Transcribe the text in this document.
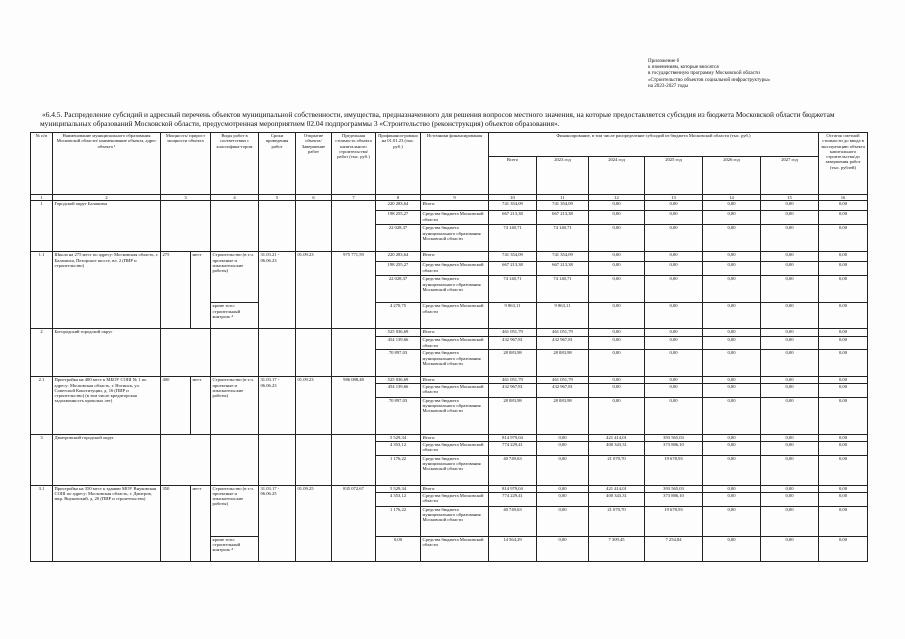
Приложение 6
к изменениям, которые вносятся
в государственную программу Московской области
«Строительство объектов социальной инфраструктуры»
на 2023-2027 годы
«6.4.5. Распределение субсидий и адресный перечень объектов муниципальной собственности, имущества, предназначенного для решения вопросов местного значения, на которые предоставляется субсидия из бюджета Московской области бюджетам муниципальных образований Московской области, предусмотренная мероприятием 02.04 подпрограммы 3 «Строительство (реконструкция) объектов образования».
№ п/п	Наименование муниципального образования Московской области/ наименование объекта, адрес объекта ¹	Мощность/ прирост мощности объекта		Виды работ в соответствии с классифика-тором	Сроки проведения работ	Открытие объекта/ Завершение работ	Предельная стоимость объекта капитального строительства/ работ (тыс. руб.)	Профинанси-ровано на 01.01.23 (тыс. руб.)	Источники финансирования	Финансирование, в том числе распределение субсидий из бюджета Московской области (тыс. руб.)						Остаток сметной стоимости до ввода в эксплуатацию объекта капитального строительства/до завершения работ (тыс. рублей)
										Всего	2023 год	2024 год	2025 год	2026 год	2027 год	
1	2	3		4	5	6	7	8	9	10	11	12	13	14	15	16
1	Городской округ Балашиха							220 283,64	Итого:	741 354,09	741 354,09	0,00	0,00	0,00	0,00	0,00
								198 255,27	Средства бюджета Московской области	667 213,38	667 213,38	0,00	0,00	0,00	0,00	0,00
								22 028,37	Средства бюджета муниципального образования Московской области	74 140,71	74 140,71	0,00	0,00	0,00	0,00	0,00
1.1	Школа на 275 мест по адресу: Московская область, г. Балашиха, Пехорское шоссе, вл. 2 (ПИР и строительство)	275	мест	Строительство (в т.ч. проектные и изыскательские работы)	31.03.21 - 06.06.23	01.09.23	975 771,59	220 283,64	Итого:	741 354,09	741 354,09	0,00	0,00	0,00	0,00	0,00
								198 255,27	Средства бюджета Московской области	667 213,38	667 213,38	0,00	0,00	0,00	0,00	0,00
								22 028,37	Средства бюджета муниципального образования Московской области	74 140,71	74 140,71	0,00	0,00	0,00	0,00	0,00
				кроме того: строительный контроль ⁴				4 270,75	Средства бюджета Московской области	9 863,11	9 863,11	0,00	0,00	0,00	0,00	0,00
2	Богородский городской округ							525 036,69	Итого:	461 051,79	461 051,79	0,00	0,00	0,00	0,00	0,00
								454 139,66	Средства бюджета Московской области	432 967,81	432 967,81	0,00	0,00	0,00	0,00	0,00
								70 897,03	Средства бюджета муниципального образования Московской области	28 083,98	28 083,98	0,00	0,00	0,00	0,00	0,00
2.1	Пристройка на 400 мест к МБОУ СОШ № 1 по адресу: Московская область, г. Ногинск, ул. Советской Конституции, д. 16 (ПИР и строительство) (в том числе кредиторская задолженность прошлых лет)	400	мест	Строительство (в т.ч. проектные и изыскательские работы)	31.03.17 - 06.06.23	01.09.23	986 088,48	525 036,69	Итого:	461 051,79	461 051,79	0,00	0,00	0,00	0,00	0,00
								454 139,66	Средства бюджета Московской области	432 967,81	432 967,81	0,00	0,00	0,00	0,00	0,00
								70 897,03	Средства бюджета муниципального образования Московской области	28 083,98	28 083,98	0,00	0,00	0,00	0,00	0,00
3	Дмитровский городской округ							5 529,34	Итого:	814 979,04	0,00	421 414,01	393 565,03	0,00	0,00	0,00
								4 353,12	Средства бюджета Московской области	774 229,41	0,00	400 343,31	373 886,10	0,00	0,00	0,00
								1 176,22	Средства бюджета муниципального образования Московской области	40 749,63	0,00	21 070,70	19 678,93	0,00	0,00	0,00
3.1	Пристройка на 350 мест к зданию МОУ Внуковская СОШ по адресу: Московская область, г. Дмитров, мкр. Внуковский, д. 20 (ПИР и строительство)	350	мест	Строительство (в т.ч. проектные и изыскательские работы)	31.03.17 - 06.06.25	01.09.25	835 072,67	5 529,34	Итого:	814 979,04	0,00	421 414,01	393 565,03	0,00	0,00	0,00
								4 353,12	Средства бюджета Московской области	774 229,41	0,00	400 343,31	373 886,10	0,00	0,00	0,00
								1 176,22	Средства бюджета муниципального образования Московской области	40 749,63	0,00	21 070,70	19 678,93	0,00	0,00	0,00
				кроме того: строительный контроль ⁴				0,00	Средства бюджета Московской области	14 564,29	0,00	7 309,45	7 254,84	0,00	0,00	0,00
